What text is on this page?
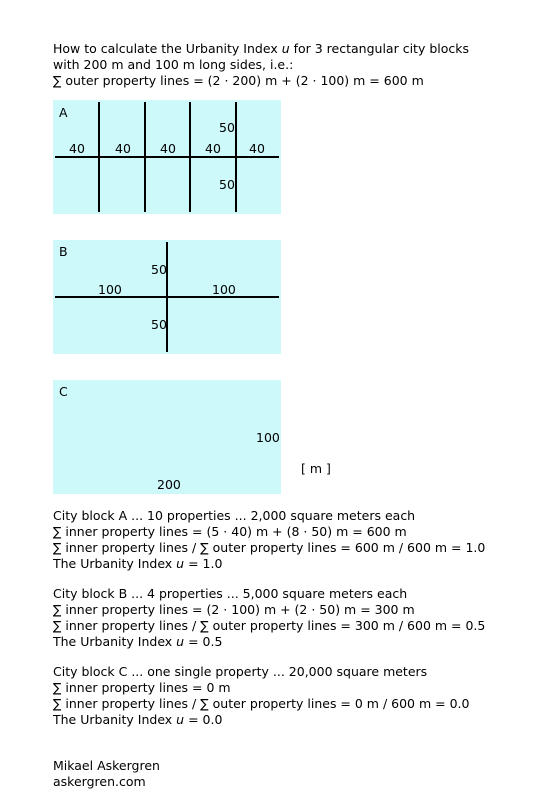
How to calculate the Urbanity Index u for 3 rectangular city blocks
with 200 m and 100 m long sides, i.e.:
∑ outer property lines = (2 · 200) m + (2 · 100) m = 600 m
A
40 40 40 40 40
50
50
B
100	100
50
50
C
100
200
[ m ]
City block A ... 10 properties ... 2,000 square meters each
∑ inner property lines = (5 · 40) m + (8 · 50) m = 600 m
∑ inner property lines / ∑ outer property lines = 600 m / 600 m = 1.0
The Urbanity Index u = 1.0
City block B ... 4 properties ... 5,000 square meters each
∑ inner property lines = (2 · 100) m + (2 · 50) m = 300 m
∑ inner property lines / ∑ outer property lines = 300 m / 600 m = 0.5
The Urbanity Index u = 0.5
City block C ... one single property ... 20,000 square meters
∑ inner property lines = 0 m
∑ inner property lines / ∑ outer property lines = 0 m / 600 m = 0.0
The Urbanity Index u = 0.0
Mikael Askergren
askergren.com
